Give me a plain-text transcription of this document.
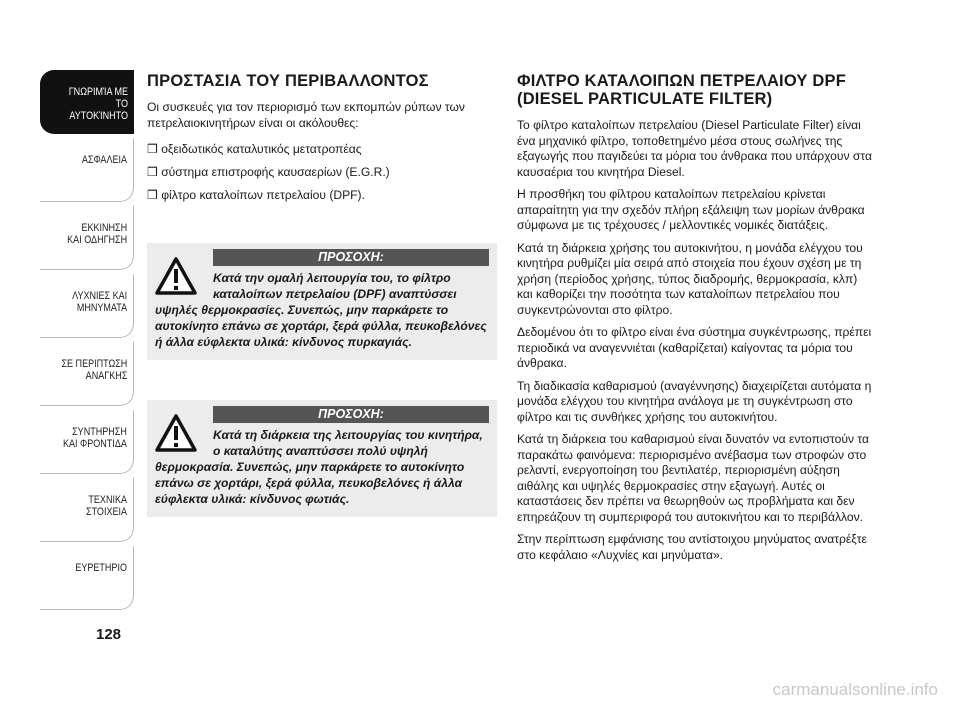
ΓΝΩΡΙΜΊΑ ΜΕ
ΤΟ ΑΥΤΟΚΊΝΗΤΟ
ΑΣΦΑΛΕΙΑ
ΕΚΚΙΝΗΣΗ
ΚΑΙ ΟΔΗΓΗΣΗ
ΛΥΧΝΙΕΣ ΚΑΙ
ΜΗΝΥΜΑΤΑ
ΣΕ ΠΕΡΙΠΤΩΣΗ
ΑΝΑΓΚΗΣ
ΣΥΝΤΗΡΗΣΗ
ΚΑΙ ΦΡΟΝΤΙΔΑ
ΤΕΧΝΙΚΑ
ΣΤΟΙΧΕΙΑ
ΕΥΡΕΤΗΡΙΟ
128
ΠΡΟΣΤΑΣΙΑ ΤΟΥ ΠΕΡΙΒΑΛΛΟΝΤΟΣ

Οι συσκευές για τον περιορισμό των εκπομπών ρύπων των πετρελαιοκινητήρων είναι οι ακόλουθες:

❒ οξειδωτικός καταλυτικός μετατροπέας
❒ σύστημα επιστροφής καυσαερίων (E.G.R.)
❒ φίλτρο καταλοίπων πετρελαίου (DPF).
ΠΡΟΣΟΧΗ:
Κατά την ομαλή λειτουργία του, το φίλτρο καταλοίπων πετρελαίου (DPF) αναπτύσσει
υψηλές θερμοκρασίες. Συνεπώς, μην παρκάρετε το αυτοκίνητο επάνω σε χορτάρι, ξερά φύλλα, πευκοβελόνες ή άλλα εύφλεκτα υλικά: κίνδυνος πυρκαγιάς.
ΠΡΟΣΟΧΗ:
Κατά τη διάρκεια της λειτουργίας του κινητήρα, ο καταλύτης αναπτύσσει πολύ υψηλή
θερμοκρασία. Συνεπώς, μην παρκάρετε το αυτοκίνητο επάνω σε χορτάρι, ξερά φύλλα, πευκοβελόνες ή άλλα εύφλεκτα υλικά: κίνδυνος φωτιάς.
ΦΙΛΤΡΟ ΚΑΤΑΛΟΙΠΩΝ ΠΕΤΡΕΛΑΙΟΥ DPF (DIESEL PARTICULATE FILTER)

Το φίλτρο καταλοίπων πετρελαίου (Diesel Particulate Filter) είναι ένα μηχανικό φίλτρο, τοποθετημένο μέσα στους σωλήνες της εξαγωγής που παγιδεύει τα μόρια του άνθρακα που υπάρχουν στα καυσαέρια του κινητήρα Diesel.

Η προσθήκη του φίλτρου καταλοίπων πετρελαίου κρίνεται απαραίτητη για την σχεδόν πλήρη εξάλειψη των μορίων άνθρακα σύμφωνα με τις τρέχουσες / μελλοντικές νομικές διατάξεις.

Κατά τη διάρκεια χρήσης του αυτοκινήτου, η μονάδα ελέγχου του κινητήρα ρυθμίζει μία σειρά από στοιχεία που έχουν σχέση με τη χρήση (περίοδος χρήσης, τύπος διαδρομής, θερμοκρασία, κλπ) και καθορίζει την ποσότητα των καταλοίπων πετρελαίου που συγκεντρώνονται στο φίλτρο.

Δεδομένου ότι το φίλτρο είναι ένα σύστημα συγκέντρωσης, πρέπει περιοδικά να αναγεννιέται (καθαρίζεται) καίγοντας τα μόρια του άνθρακα.

Τη διαδικασία καθαρισμού (αναγέννησης) διαχειρίζεται αυτόματα η μονάδα ελέγχου του κινητήρα ανάλογα με τη συγκέντρωση στο φίλτρο και τις συνθήκες χρήσης του αυτοκινήτου.

Κατά τη διάρκεια του καθαρισμού είναι δυνατόν να εντοπιστούν τα παρακάτω φαινόμενα: περιορισμένο ανέβασμα των στροφών στο ρελαντί, ενεργοποίηση του βεντιλατέρ, περιορισμένη αύξηση αιθάλης και υψηλές θερμοκρασίες στην εξαγωγή. Αυτές οι καταστάσεις δεν πρέπει να θεωρηθούν ως προβλήματα και δεν επηρεάζουν τη συμπεριφορά του αυτοκινήτου και το περιβάλλον.

Στην περίπτωση εμφάνισης του αντίστοιχου μηνύματος ανατρέξτε στο κεφάλαιο «Λυχνίες και μηνύματα».

carmanualsonline.info
